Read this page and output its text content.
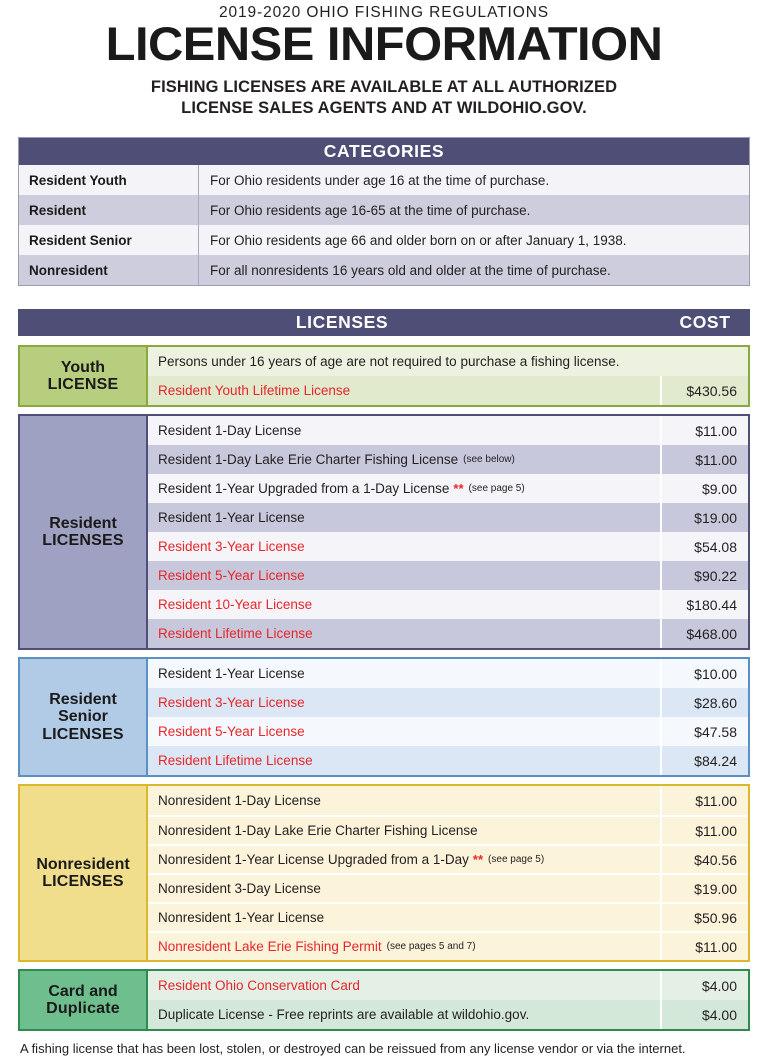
2019-2020 OHIO FISHING REGULATIONS
LICENSE INFORMATION
FISHING LICENSES ARE AVAILABLE AT ALL AUTHORIZED
LICENSE SALES AGENTS AND AT WILDOHIO.GOV.
CATEGORIES
Resident Youth	For Ohio residents under age 16 at the time of purchase.
Resident	For Ohio residents age 16-65 at the time of purchase.
Resident Senior	For Ohio residents age 66 and older born on or after January 1, 1938.
Nonresident	For all nonresidents 16 years old and older at the time of purchase.
LICENSES	COST
Youth
LICENSE
Persons under 16 years of age are not required to purchase a fishing license.
Resident Youth Lifetime License	$430.56
Resident
LICENSES
Resident 1-Day License	$11.00
Resident 1-Day Lake Erie Charter Fishing License (see below)	$11.00
Resident 1-Year Upgraded from a 1-Day License ** (see page 5)	$9.00
Resident 1-Year License	$19.00
Resident 3-Year License	$54.08
Resident 5-Year License	$90.22
Resident 10-Year License	$180.44
Resident Lifetime License	$468.00
Resident
Senior
LICENSES
Resident 1-Year License	$10.00
Resident 3-Year License	$28.60
Resident 5-Year License	$47.58
Resident Lifetime License	$84.24
Nonresident
LICENSES
Nonresident 1-Day License	$11.00
Nonresident 1-Day Lake Erie Charter Fishing License	$11.00
Nonresident 1-Year License Upgraded from a 1-Day ** (see page 5)	$40.56
Nonresident 3-Day License	$19.00
Nonresident 1-Year License	$50.96
Nonresident Lake Erie Fishing Permit (see pages 5 and 7)	$11.00
Card and
Duplicate
Resident Ohio Conservation Card	$4.00
Duplicate License - Free reprints are available at wildohio.gov.	$4.00
A fishing license that has been lost, stolen, or destroyed can be reissued from any license vendor or via the internet.
